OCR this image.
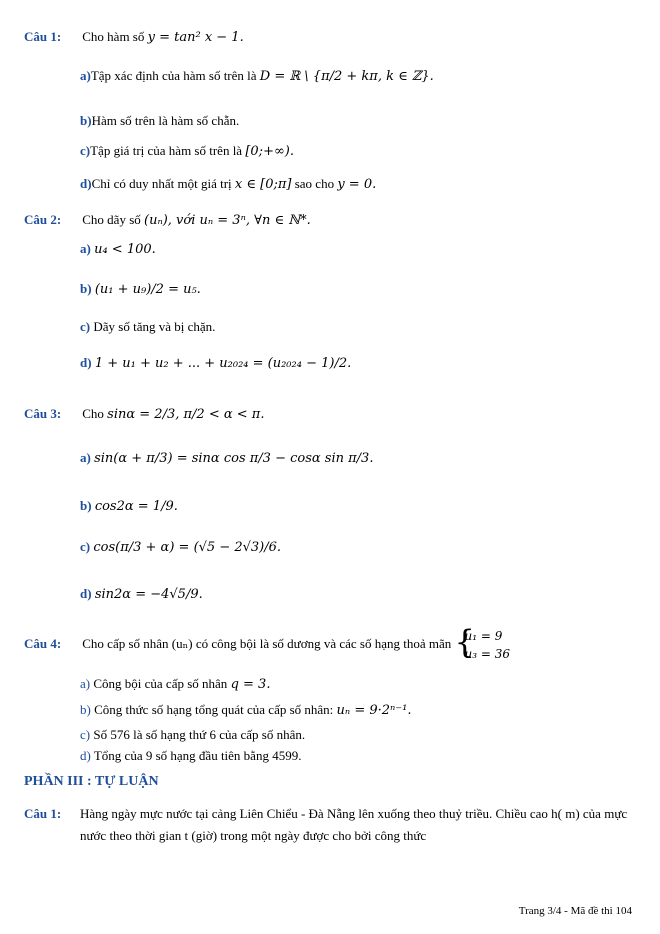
Câu 1: Cho hàm số y = tan² x − 1.
a)Tập xác định của hàm số trên là D = ℝ \ {π/2 + kπ, k ∈ ℤ}.
b)Hàm số trên là hàm số chẵn.
c)Tập giá trị của hàm số trên là [0;+∞).
d)Chỉ có duy nhất một giá trị x ∈ [0;π] sao cho y = 0.
Câu 2: Cho dãy số (uₙ), với uₙ = 3ⁿ, ∀n ∈ ℕ*.
a) u₄ < 100.
b) (u₁ + u₉)/2 = u₅.
c) Dãy số tăng và bị chặn.
d) 1 + u₁ + u₂ + ... + u₂₀₂₄ = (u₂₀₂₄ − 1)/2.
Câu 3: Cho sinα = 2/3, π/2 < α < π.
a) sin(α + π/3) = sinα cos π/3 − cosα sin π/3.
b) cos2α = 1/9.
c) cos(π/3 + α) = (√5 − 2√3)/6.
d) sin2α = −4√5/9.
Câu 4: Cho cấp số nhân (uₙ) có công bội là số dương và các số hạng thoả mãn {
u₁ = 9
u₃ = 36
a) Công bội của cấp số nhân q = 3.
b) Công thức số hạng tổng quát của cấp số nhân: uₙ = 9·2ⁿ⁻¹.
c) Số 576 là số hạng thứ 6 của cấp số nhân.
d) Tổng của 9 số hạng đầu tiên bằng 4599.
PHẦN III : TỰ LUẬN
Câu 1:	Hàng ngày mực nước tại cảng Liên Chiểu - Đà Nẵng lên xuống theo thuỷ triều. Chiều cao h( m) của mực nước theo thời gian t (giờ) trong một ngày được cho bởi công thức
Trang 3/4 - Mã đề thi 104
